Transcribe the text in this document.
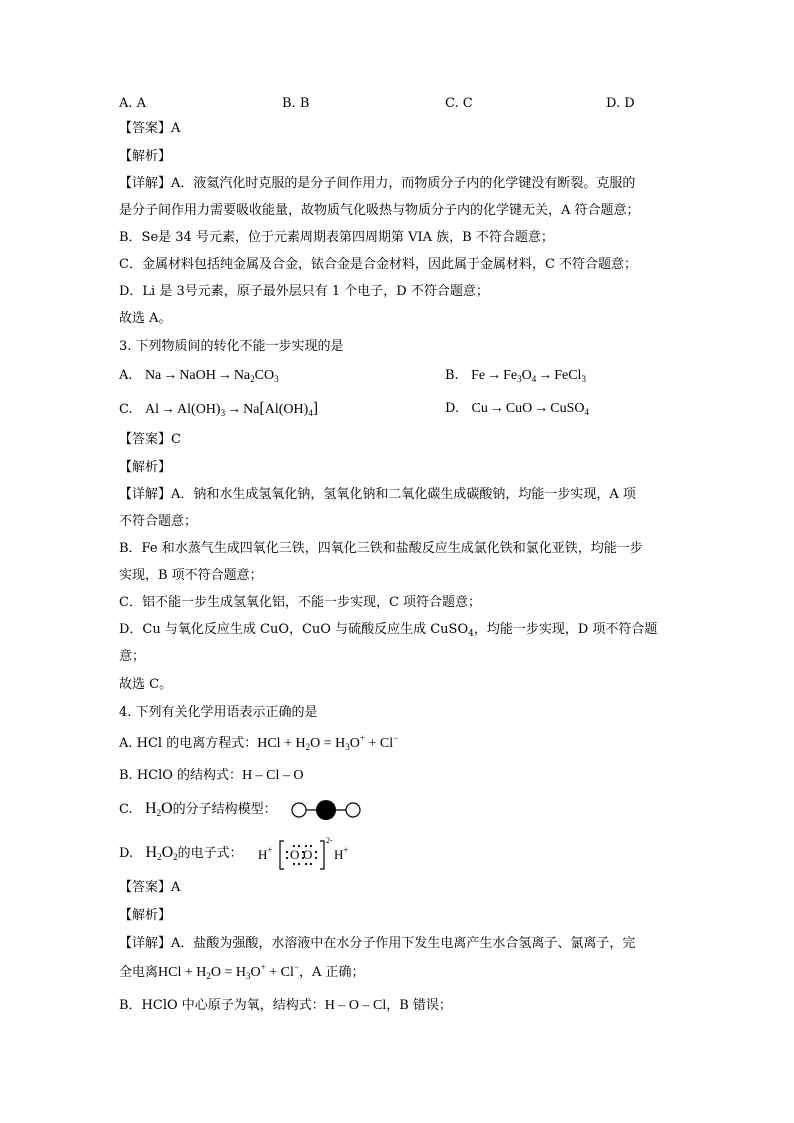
A. A	B. B	C. C	D. D
【答案】A
【解析】
【详解】A．液氦汽化时克服的是分子间作用力，而物质分子内的化学键没有断裂。克服的
是分子间作用力需要吸收能量，故物质气化吸热与物质分子内的化学键无关，A 符合题意；
B．Se是 34 号元素，位于元素周期表第四周期第 VIA 族，B 不符合题意；
C．金属材料包括纯金属及合金，铱合金是合金材料，因此属于金属材料，C 不符合题意；
D．Li 是 3号元素，原子最外层只有 1 个电子，D 不符合题意；
故选 A。
3. 下列物质间的转化不能一步实现的是
A. Na → NaOH → $Na_2CO_3$	B. $Fe \to Fe_3O_4$ → FeCl$_3$
C. $Al \to Al(OH)_3 \to Na[Al(OH)_4]$	D. Cu → CuO → CuSO$_4$
【答案】C
【解析】
【详解】A．钠和水生成氢氧化钠，氢氧化钠和二氧化碳生成碳酸钠，均能一步实现，A 项
不符合题意；
B．Fe 和水蒸气生成四氧化三铁，四氧化三铁和盐酸反应生成氯化铁和氯化亚铁，均能一步
实现，B 项不符合题意；
C．铝不能一步生成氢氧化铝，不能一步实现，C 项符合题意；
D．Cu 与氧化反应生成 CuO，CuO 与硫酸反应生成 CuSO$_4$，均能一步实现，D 项不符合题
意；
故选 C。
4. 下列有关化学用语表示正确的是
A. HCl 的电离方程式：HCl + $H_2O = H_3O^+ + Cl^-$
B. HClO 的结构式：H – Cl – O
C. $H_2O$的分子结构模型：
D. $H_2O_2$的电子式： H+ O O
2-
H+
【答案】A
【解析】
【详解】A．盐酸为强酸，水溶液中在水分子作用下发生电离产生水合氢离子、氯离子，完
全电离HCl + $H_2O = H_3O^+ + Cl^-$，A 正确；
B．HClO 中心原子为氧，结构式：H – O – Cl，B 错误；
